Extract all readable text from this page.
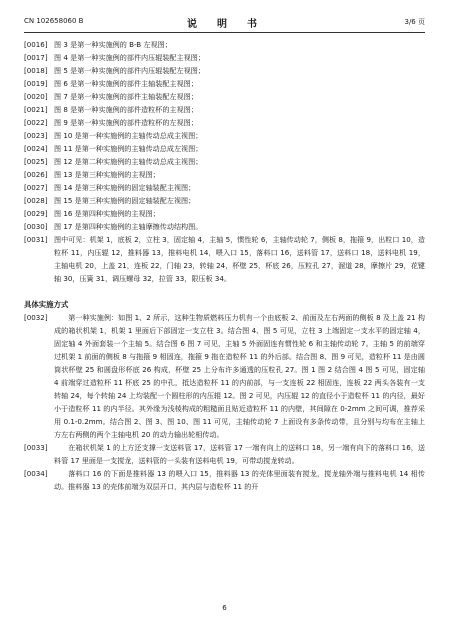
CN 102658060 B	说　明　书	3/6 页
[0016] 图 3 是第一种实施例的 B-B 左视图；
[0017] 图 4 是第一种实施例的部件内压辊装配主视图；
[0018] 图 5 是第一种实施例的部件内压辊装配左视图；
[0019] 图 6 是第一种实施例的部件主轴装配主视图；
[0020] 图 7 是第一种实施例的部件主轴装配左视图；
[0021] 图 8 是第一种实施例的部件造粒杯的主视图；
[0022] 图 9 是第一种实施例的部件造粒杯的左视图；
[0023] 图 10 是第一种实施例的主轴传动总成主视图；
[0024] 图 11 是第一种实施例的主轴传动总成左视图；
[0025] 图 12 是第二种实施例的主轴传动总成主视图；
[0026] 图 13 是第三种实施例的主视图；
[0027] 图 14 是第三种实施例的固定轴装配主视图；
[0028] 图 15 是第三种实施例的固定轴装配左视图；
[0029] 图 16 是第四种实施例的主视图；
[0030] 图 17 是第四种实施例的主轴摩擦传动结构图。
[0031] 图中可见：机架 1，底板 2，立柱 3，固定轴 4，主轴 5，惯性轮 6，主轴传动轮 7，侧板 8，拖箍 9，出粒口 10，造粒杯 11，内压辊 12，推料器 13，推料电机 14，喂入口 15，落料口 16，送料管 17，送料口 18，送料电机 19，主轴电机 20，上盖 21，连板 22，门轴 23，转轴 24，杯壁 25，杯底 26，压粒孔 27，溜道 28，摩擦片 29，花键轴 30，压簧 31，调压螺母 32，拉管 33，限压板 34。
具体实施方式
[0032]	第一种实施例：如图 1、2 所示，这种生物质燃料压力机有一个由底板 2、前面及左右两面的侧板 8 及上盖 21 构成的箱状机架 1，机架 1 里面后下部固定一支立柱 3。结合图 4、图 5 可见，立柱 3 上端固定一支水平的固定轴 4，固定轴 4 外面套装一个主轴 5。结合图 6 图 7 可见，主轴 5 外面固连有惯性轮 6 和主轴传动轮 7。主轴 5 的前端穿过机架 1 前面的侧板 8 与拖箍 9 相固连，拖箍 9 拖在造粒杯 11 的外后部。结合图 8、图 9 可见，造粒杯 11 是由圆筒状杯壁 25 和圆盘形杯底 26 构成，杯壁 25 上分布许多通透的压粒孔 27。图 1 图 2 结合图 4 图 5 可见，固定轴 4 前端穿过造粒杯 11 杯底 25 的中孔，抵达造粒杯 11 的内前部，与一支连板 22 相固连，连板 22 两头各装有一支转轴 24，每个转轴 24 上均装配一个圆柱形的内压辊 12。图 2 可见，内压辊 12 的直径小于造粒杯 11 的内径，最好小于造粒杯 11 的内半径。其外缘为浅棱构成的粗糙面且贴近造粒杯 11 的内壁，其间隙在 0-2mm 之间可调，推荐采用 0.1-0.2mm。结合图 2、图 3、图 10、图 11 可见，主轴传动轮 7 上面设有多条传动带，且分别与均布在主轴上方左右两侧的两个主轴电机 20 的动力输出轮相传动。
[0033]	在箱状机架 1 的上方还支撑一支送料管 17，送料管 17 一端有向上的送料口 18，另一端有向下的落料口 16，送料管 17 里面是一支搅龙，送料管的一头装有送料电机 19，可带动搅龙转动。
[0034]	落料口 16 的下面是推料器 13 的喂入口 15，推料器 13 的壳体里面装有搅龙，搅龙轴外端与推料电机 14 相传动。推料器 13 的壳体前端为双层开口，其内层与造粒杯 11 的开
6
